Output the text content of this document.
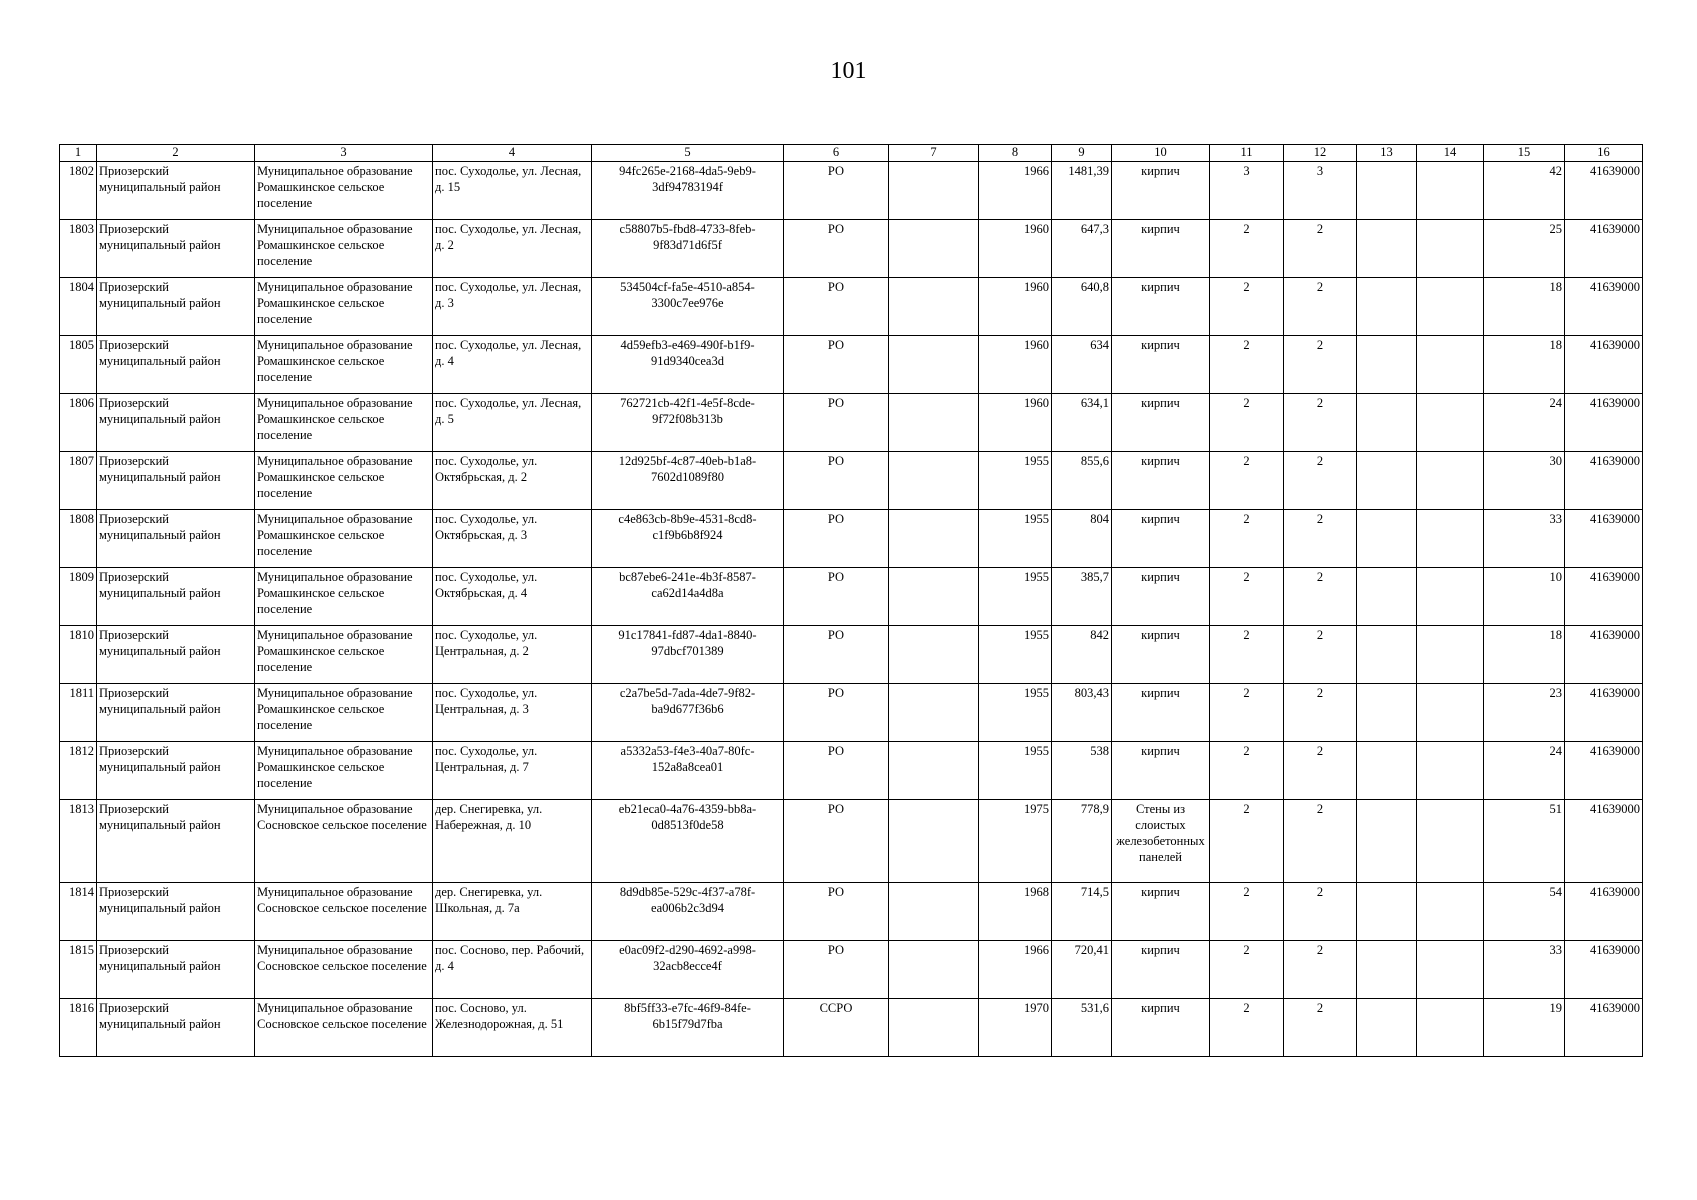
101
1	2	3	4	5	6	7	8	9	10	11	12	13	14	15	16
1802	Приозерский муниципальный район	Муниципальное образование Ромашкинское сельское поселение	пос. Суходолье, ул. Лесная, д. 15	94fc265e-2168-4da5-9eb9-3df94783194f	РО		1966	1481,39	кирпич	3	3			42	41639000
1803	Приозерский муниципальный район	Муниципальное образование Ромашкинское сельское поселение	пос. Суходолье, ул. Лесная, д. 2	c58807b5-fbd8-4733-8feb-9f83d71d6f5f	РО		1960	647,3	кирпич	2	2			25	41639000
1804	Приозерский муниципальный район	Муниципальное образование Ромашкинское сельское поселение	пос. Суходолье, ул. Лесная, д. 3	534504cf-fa5e-4510-a854-3300c7ee976e	РО		1960	640,8	кирпич	2	2			18	41639000
1805	Приозерский муниципальный район	Муниципальное образование Ромашкинское сельское поселение	пос. Суходолье, ул. Лесная, д. 4	4d59efb3-e469-490f-b1f9-91d9340cea3d	РО		1960	634	кирпич	2	2			18	41639000
1806	Приозерский муниципальный район	Муниципальное образование Ромашкинское сельское поселение	пос. Суходолье, ул. Лесная, д. 5	762721cb-42f1-4e5f-8cde-9f72f08b313b	РО		1960	634,1	кирпич	2	2			24	41639000
1807	Приозерский муниципальный район	Муниципальное образование Ромашкинское сельское поселение	пос. Суходолье, ул. Октябрьская, д. 2	12d925bf-4c87-40eb-b1a8-7602d1089f80	РО		1955	855,6	кирпич	2	2			30	41639000
1808	Приозерский муниципальный район	Муниципальное образование Ромашкинское сельское поселение	пос. Суходолье, ул. Октябрьская, д. 3	c4e863cb-8b9e-4531-8cd8-c1f9b6b8f924	РО		1955	804	кирпич	2	2			33	41639000
1809	Приозерский муниципальный район	Муниципальное образование Ромашкинское сельское поселение	пос. Суходолье, ул. Октябрьская, д. 4	bc87ebe6-241e-4b3f-8587-ca62d14a4d8a	РО		1955	385,7	кирпич	2	2			10	41639000
1810	Приозерский муниципальный район	Муниципальное образование Ромашкинское сельское поселение	пос. Суходолье, ул. Центральная, д. 2	91c17841-fd87-4da1-8840-97dbcf701389	РО		1955	842	кирпич	2	2			18	41639000
1811	Приозерский муниципальный район	Муниципальное образование Ромашкинское сельское поселение	пос. Суходолье, ул. Центральная, д. 3	c2a7be5d-7ada-4de7-9f82-ba9d677f36b6	РО		1955	803,43	кирпич	2	2			23	41639000
1812	Приозерский муниципальный район	Муниципальное образование Ромашкинское сельское поселение	пос. Суходолье, ул. Центральная, д. 7	a5332a53-f4e3-40a7-80fc-152a8a8cea01	РО		1955	538	кирпич	2	2			24	41639000
1813	Приозерский муниципальный район	Муниципальное образование Сосновское сельское поселение	дер. Снегиревка, ул. Набережная, д. 10	eb21eca0-4a76-4359-bb8a-0d8513f0de58	РО		1975	778,9	Стены из слоистых железобетонных панелей	2	2			51	41639000
1814	Приозерский муниципальный район	Муниципальное образование Сосновское сельское поселение	дер. Снегиревка, ул. Школьная, д. 7а	8d9db85e-529c-4f37-a78f-ea006b2c3d94	РО		1968	714,5	кирпич	2	2			54	41639000
1815	Приозерский муниципальный район	Муниципальное образование Сосновское сельское поселение	пос. Сосново, пер. Рабочий, д. 4	e0ac09f2-d290-4692-a998-32acb8ecce4f	РО		1966	720,41	кирпич	2	2			33	41639000
1816	Приозерский муниципальный район	Муниципальное образование Сосновское сельское поселение	пос. Сосново, ул. Железнодорожная, д. 51	8bf5ff33-e7fc-46f9-84fe-6b15f79d7fba	ССРО		1970	531,6	кирпич	2	2			19	41639000
